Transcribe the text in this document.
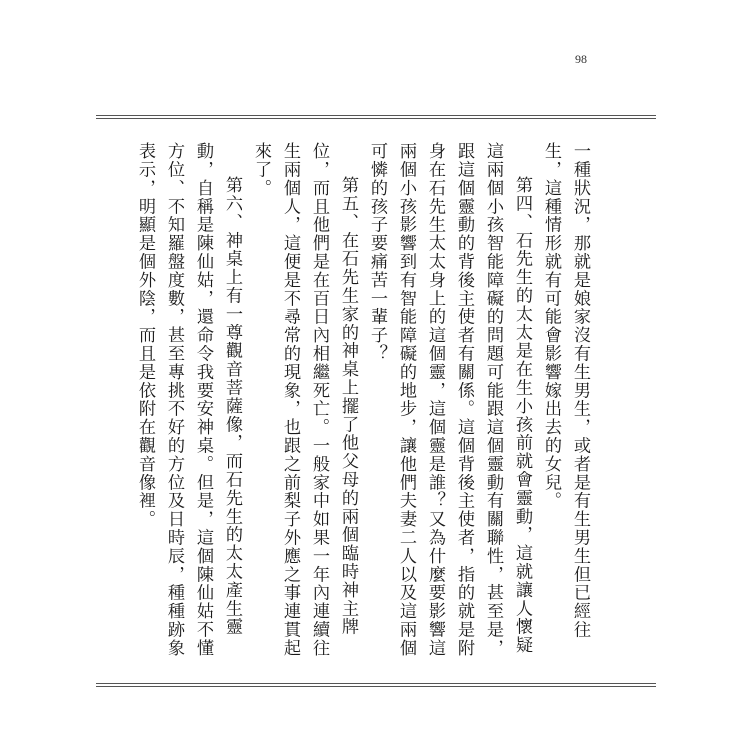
98

一種狀況，那就是娘家沒有生男生，或者是有生男生但已經往生，這種情形就有可能會影響嫁出去的女兒。

第四、石先生的太太是在生小孩前就會靈動，這就讓人懷疑這兩個小孩智能障礙的問題可能跟這個靈動有關聯性，甚至是，跟這個靈動的背後主使者有關係。這個背後主使者，指的就是附身在石先生太太身上的這個靈，這個靈是誰？又為什麼要影響這兩個小孩影響到有智能障礙的地步，讓他們夫妻二人以及這兩個可憐的孩子要痛苦一輩子？

第五、在石先生家的神桌上擺了他父母的兩個臨時神主牌位，而且他們是在百日內相繼死亡。一般家中如果一年內連續往生兩個人，這便是不尋常的現象，也跟之前梨子外應之事連貫起來了。

第六、神桌上有一尊觀音菩薩像，而石先生的太太產生靈動，自稱是陳仙姑，還命令我要安神桌。但是，這個陳仙姑不懂方位、不知羅盤度數，甚至專挑不好的方位及日時辰，種種跡象表示，明顯是個外陰，而且是依附在觀音像裡。
